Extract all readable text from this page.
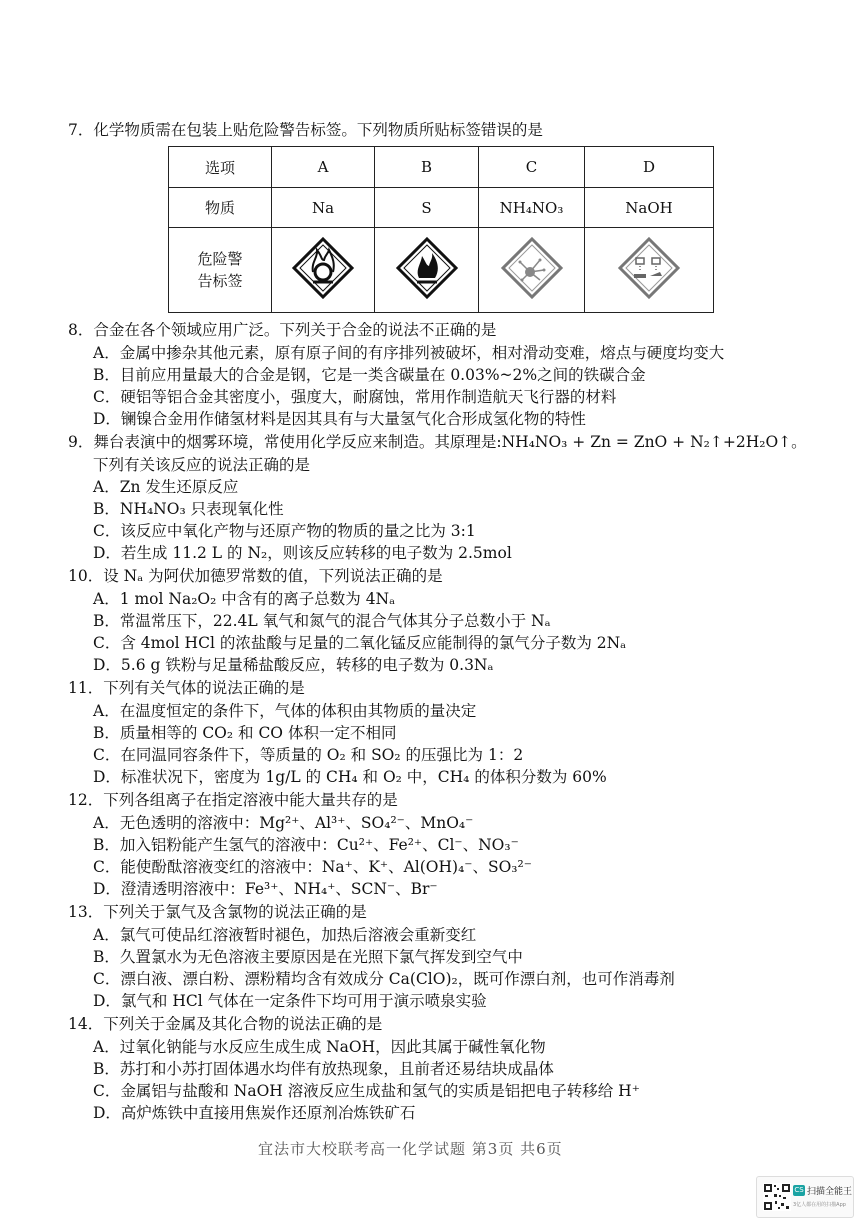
7．化学物质需在包装上贴危险警告标签。下列物质所贴标签错误的是
选项	A	B	C	D
物质	Na	S	NH₄NO₃	NaOH

危险警
告标签

8．合金在各个领域应用广泛。下列关于合金的说法不正确的是
A．金属中掺杂其他元素，原有原子间的有序排列被破坏，相对滑动变难，熔点与硬度均变大
B．目前应用量最大的合金是钢，它是一类含碳量在 0.03%~2%之间的铁碳合金
C．硬铝等铝合金其密度小，强度大，耐腐蚀，常用作制造航天飞行器的材料
D．镧镍合金用作储氢材料是因其具有与大量氢气化合形成氢化物的特性
9．舞台表演中的烟雾环境，常使用化学反应来制造。其原理是:NH₄NO₃ + Zn = ZnO + N₂↑+2H₂O↑。
下列有关该反应的说法正确的是
A．Zn 发生还原反应
B．NH₄NO₃ 只表现氧化性
C．该反应中氧化产物与还原产物的物质的量之比为 3:1
D．若生成 11.2 L 的 N₂，则该反应转移的电子数为 2.5mol
10．设 Nₐ 为阿伏加德罗常数的值，下列说法正确的是
A．1 mol Na₂O₂ 中含有的离子总数为 4Nₐ
B．常温常压下，22.4L 氧气和氮气的混合气体其分子总数小于 Nₐ
C．含 4mol HCl 的浓盐酸与足量的二氧化锰反应能制得的氯气分子数为 2Nₐ
D．5.6 g 铁粉与足量稀盐酸反应，转移的电子数为 0.3Nₐ
11．下列有关气体的说法正确的是
A．在温度恒定的条件下，气体的体积由其物质的量决定
B．质量相等的 CO₂ 和 CO 体积一定不相同
C．在同温同容条件下，等质量的 O₂ 和 SO₂ 的压强比为 1：2
D．标准状况下，密度为 1g/L 的 CH₄ 和 O₂ 中，CH₄ 的体积分数为 60%
12．下列各组离子在指定溶液中能大量共存的是
A．无色透明的溶液中：Mg²⁺、Al³⁺、SO₄²⁻、MnO₄⁻
B．加入铝粉能产生氢气的溶液中：Cu²⁺、Fe²⁺、Cl⁻、NO₃⁻
C．能使酚酞溶液变红的溶液中：Na⁺、K⁺、Al(OH)₄⁻、SO₃²⁻
D．澄清透明溶液中：Fe³⁺、NH₄⁺、SCN⁻、Br⁻
13．下列关于氯气及含氯物的说法正确的是
A．氯气可使品红溶液暂时褪色，加热后溶液会重新变红
B．久置氯水为无色溶液主要原因是在光照下氯气挥发到空气中
C．漂白液、漂白粉、漂粉精均含有效成分 Ca(ClO)₂，既可作漂白剂，也可作消毒剂
D．氯气和 HCl 气体在一定条件下均可用于演示喷泉实验
14．下列关于金属及其化合物的说法正确的是
A．过氧化钠能与水反应生成生成 NaOH，因此其属于碱性氧化物
B．苏打和小苏打固体遇水均伴有放热现象，且前者还易结块成晶体
C．金属铝与盐酸和 NaOH 溶液反应生成盐和氢气的实质是铝把电子转移给 H⁺
D．高炉炼铁中直接用焦炭作还原剂冶炼铁矿石
宜法市大校联考高一化学试题 第3页 共6页
CS 扫描全能王
3亿人都在用的扫描App
